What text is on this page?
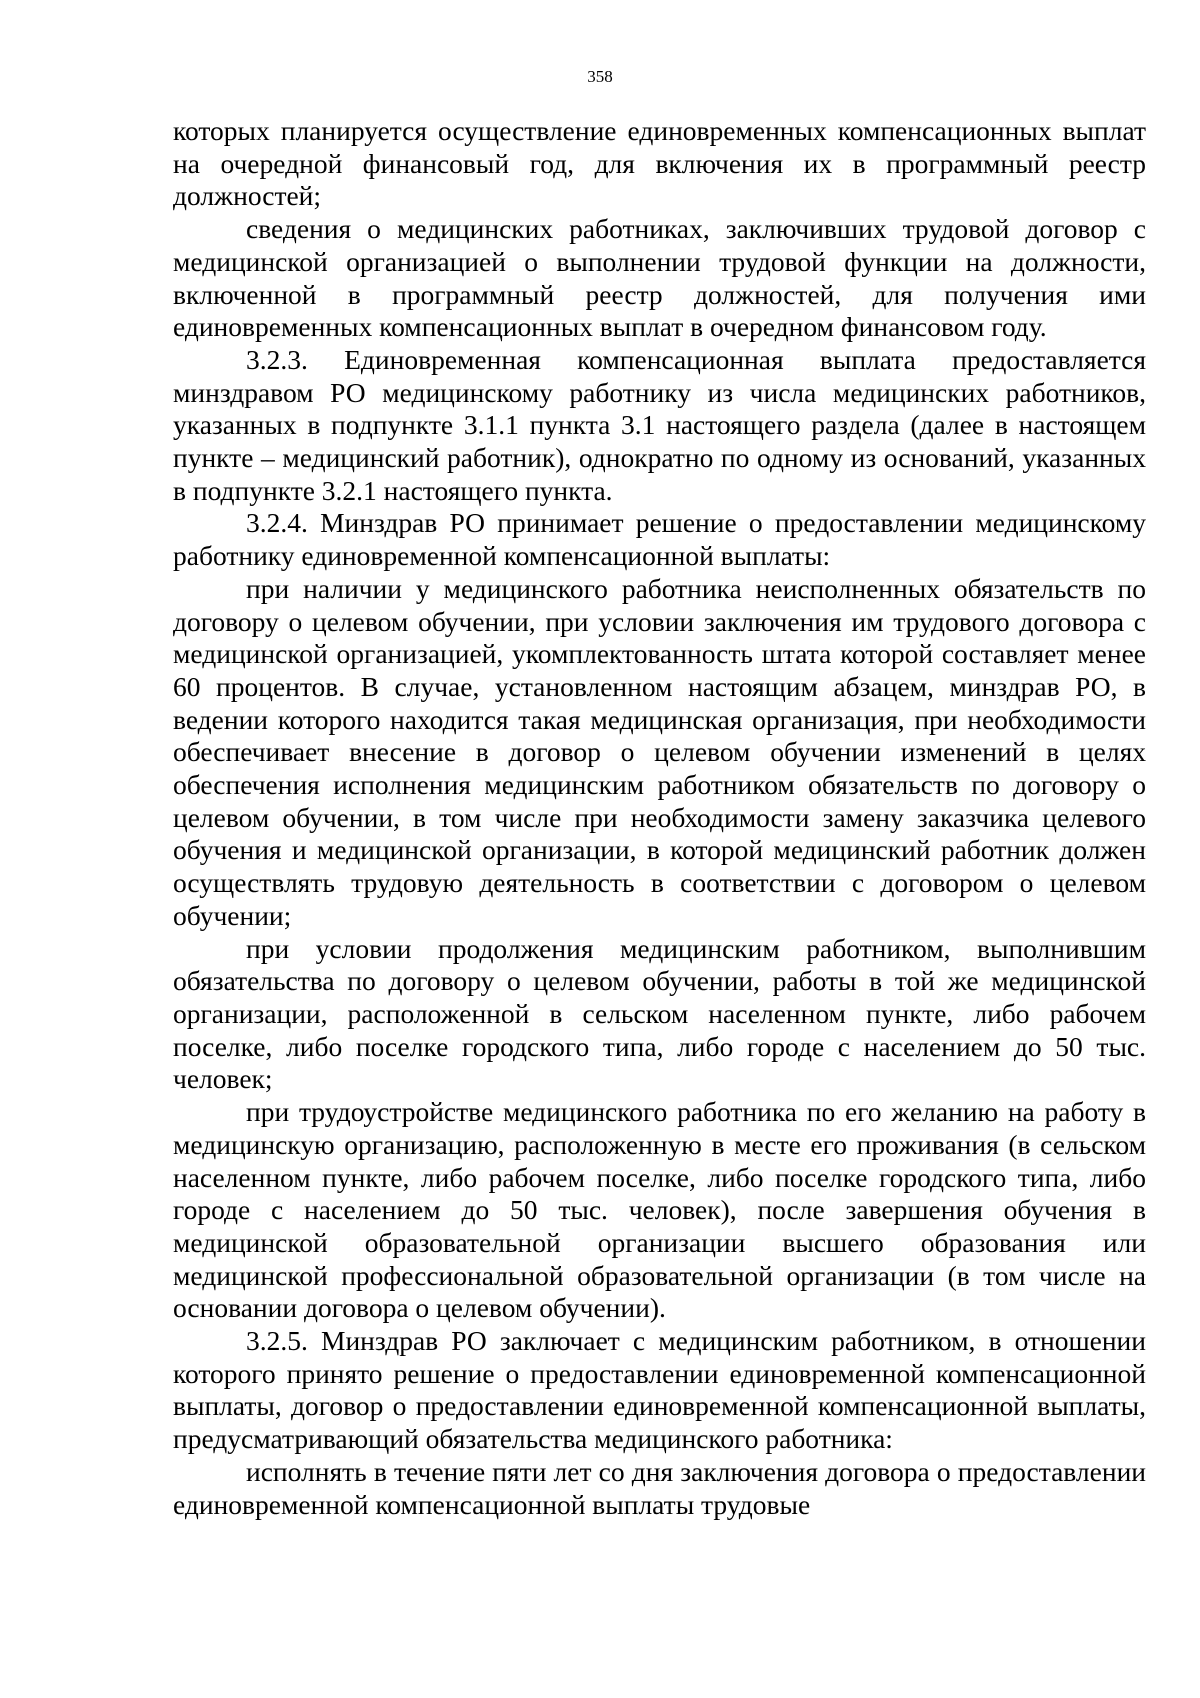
358

которых планируется осуществление единовременных компенсационных выплат на очередной финансовый год, для включения их в программный реестр должностей;

сведения о медицинских работниках, заключивших трудовой договор с медицинской организацией о выполнении трудовой функции на должности, включенной в программный реестр должностей, для получения ими единовременных компенсационных выплат в очередном финансовом году.

3.2.3. Единовременная компенсационная выплата предоставляется минздравом РО медицинскому работнику из числа медицинских работников, указанных в подпункте 3.1.1 пункта 3.1 настоящего раздела (далее в настоящем пункте – медицинский работник), однократно по одному из оснований, указанных в подпункте 3.2.1 настоящего пункта.

3.2.4. Минздрав РО принимает решение о предоставлении медицинскому работнику единовременной компенсационной выплаты:

при наличии у медицинского работника неисполненных обязательств по договору о целевом обучении, при условии заключения им трудового договора с медицинской организацией, укомплектованность штата которой составляет менее 60 процентов. В случае, установленном настоящим абзацем, минздрав РО, в ведении которого находится такая медицинская организация, при необходимости обеспечивает внесение в договор о целевом обучении изменений в целях обеспечения исполнения медицинским работником обязательств по договору о целевом обучении, в том числе при необходимости замену заказчика целевого обучения и медицинской организации, в которой медицинский работник должен осуществлять трудовую деятельность в соответствии с договором о целевом обучении;

при условии продолжения медицинским работником, выполнившим обязательства по договору о целевом обучении, работы в той же медицинской организации, расположенной в сельском населенном пункте, либо рабочем поселке, либо поселке городского типа, либо городе с населением до 50 тыс. человек;

при трудоустройстве медицинского работника по его желанию на работу в медицинскую организацию, расположенную в месте его проживания (в сельском населенном пункте, либо рабочем поселке, либо поселке городского типа, либо городе с населением до 50 тыс. человек), после завершения обучения в медицинской образовательной организации высшего образования или медицинской профессиональной образовательной организации (в том числе на основании договора о целевом обучении).

3.2.5. Минздрав РО заключает с медицинским работником, в отношении которого принято решение о предоставлении единовременной компенсационной выплаты, договор о предоставлении единовременной компенсационной выплаты, предусматривающий обязательства медицинского работника:

исполнять в течение пяти лет со дня заключения договора о предоставлении единовременной компенсационной выплаты трудовые
